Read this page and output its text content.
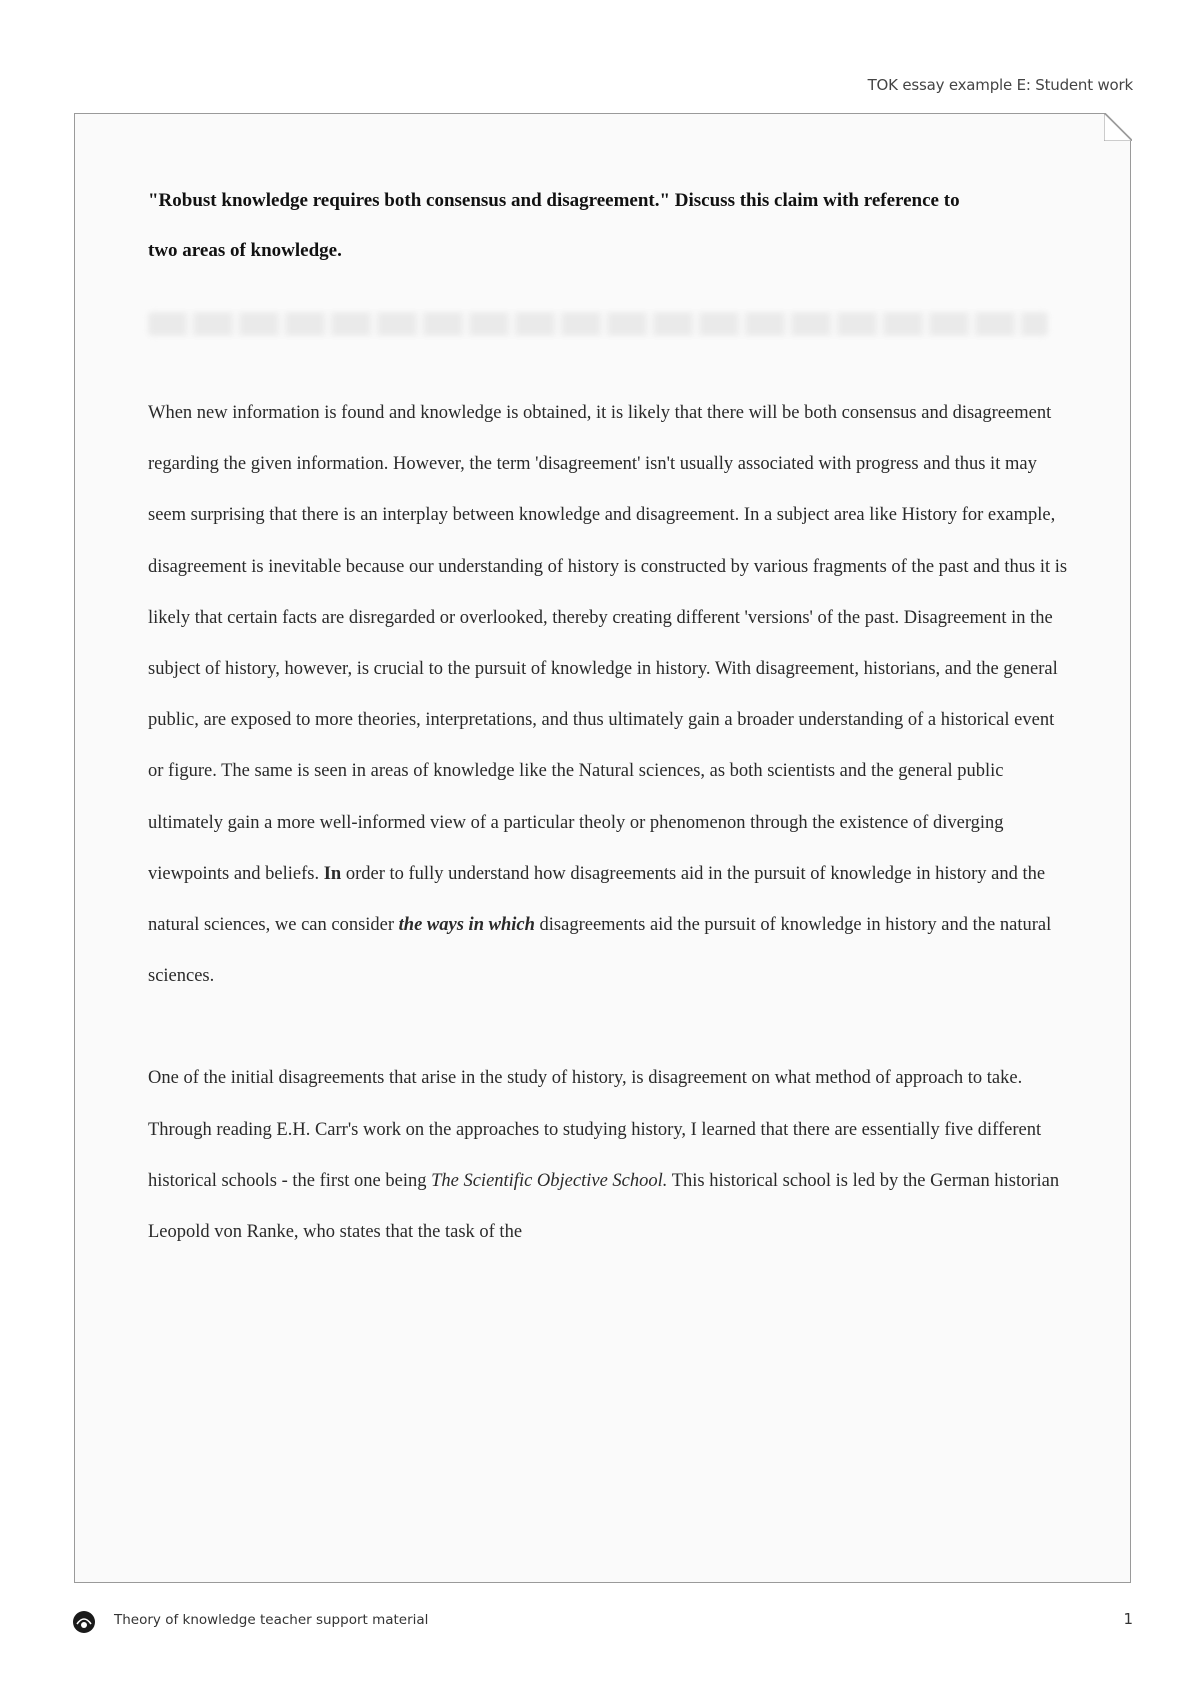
TOK essay example E: Student work

"Robust knowledge requires both consensus and disagreement." Discuss this claim with reference to
two areas of knowledge.

When new information is found and knowledge is obtained, it is likely that there will be both consensus and disagreement regarding the given information. However, the term 'disagreement' isn't usually associated with progress and thus it may seem surprising that there is an interplay between knowledge and disagreement. In a subject area like History for example, disagreement is inevitable because our understanding of history is constructed by various fragments of the past and thus it is likely that certain facts are disregarded or overlooked, thereby creating different 'versions' of the past. Disagreement in the subject of history, however, is crucial to the pursuit of knowledge in history. With disagreement, historians, and the general public, are exposed to more theories, interpretations, and thus ultimately gain a broader understanding of a historical event or figure. The same is seen in areas of knowledge like the Natural sciences, as both scientists and the general public ultimately gain a more well-informed view of a particular theoly or phenomenon through the existence of diverging viewpoints and beliefs. In order to fully understand how disagreements aid in the pursuit of knowledge in history and the natural sciences, we can consider the ways in which disagreements aid the pursuit of knowledge in history and the natural sciences.

One of the initial disagreements that arise in the study of history, is disagreement on what method of approach to take. Through reading E.H. Carr's work on the approaches to studying history, I learned that there are essentially five different historical schools - the first one being The Scientific Objective School. This historical school is led by the German historian Leopold von Ranke, who states that the task of the

Theory of knowledge teacher support material	1
